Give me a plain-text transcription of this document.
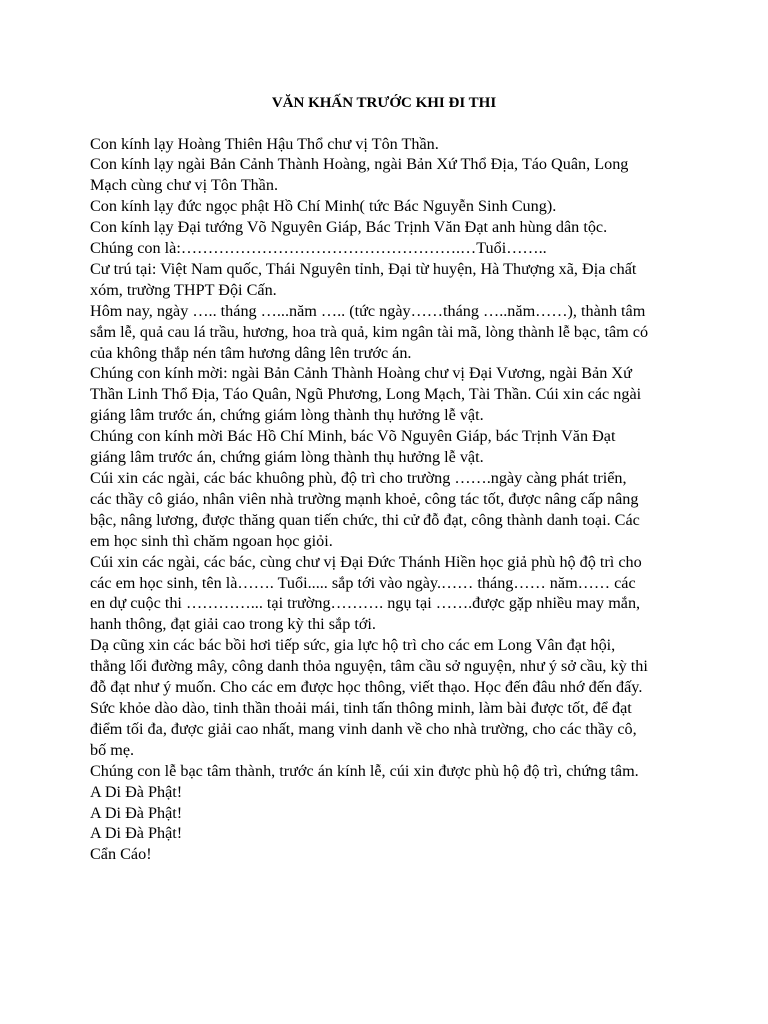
VĂN KHẤN TRƯỚC KHI ĐI THI

Con kính lạy Hoàng Thiên Hậu Thổ chư vị Tôn Thần.

Con kính lạy ngài Bản Cảnh Thành Hoàng, ngài Bản Xứ Thổ Địa, Táo Quân, Long

Mạch cùng chư vị Tôn Thần.

Con kính lạy đức ngọc phật Hồ Chí Minh( tức Bác Nguyễn Sinh Cung).

Con kính lạy Đại tướng Võ Nguyên Giáp, Bác Trịnh Văn Đạt anh hùng dân tộc.

Chúng con là:…………………………………………….…Tuổi……..

Cư trú tại: Việt Nam quốc, Thái Nguyên tỉnh, Đại từ huyện, Hà Thượng xã, Địa chất

xóm, trường THPT Đội Cấn.

Hôm nay, ngày ….. tháng …...năm ….. (tức ngày……tháng …..năm……), thành tâm

sắm lễ, quả cau lá trầu, hương, hoa trà quả, kim ngân tài mã, lòng thành lễ bạc, tâm có

của không thắp nén tâm hương dâng lên trước án.

Chúng con kính mời: ngài Bản Cảnh Thành Hoàng chư vị Đại Vương, ngài Bản Xứ

Thần Linh Thổ Địa, Táo Quân, Ngũ Phương, Long Mạch, Tài Thần. Cúi xin các ngài

giáng lâm trước án, chứng giám lòng thành thụ hưởng lễ vật.

Chúng con kính mời Bác Hồ Chí Minh, bác Võ Nguyên Giáp, bác Trịnh Văn Đạt

giáng lâm trước án, chứng giám lòng thành thụ hưởng lễ vật.

Cúi xin các ngài, các bác khuông phù, độ trì cho trường …….ngày càng phát triển,

các thầy cô giáo, nhân viên nhà trường mạnh khoẻ, công tác tốt, được nâng cấp nâng

bậc, nâng lương, được thăng quan tiến chức, thi cử đỗ đạt, công thành danh toại. Các

em học sinh thì chăm ngoan học giỏi.

Cúi xin các ngài, các bác, cùng chư vị Đại Đức Thánh Hiền học giả phù hộ độ trì cho

các em học sinh, tên là……. Tuổi..... sắp tới vào ngày.…… tháng…… năm…… các

en dự cuộc thi …………... tại trường………. ngụ tại …….được gặp nhiều may mắn,

hanh thông, đạt giải cao trong kỳ thi sắp tới.

Dạ cũng xin các bác bồi hơi tiếp sức, gia lực hộ trì cho các em Long Vân đạt hội,

thẳng lối đường mây, công danh thỏa nguyện, tâm cầu sở nguyện, như ý sở cầu, kỳ thi

đỗ đạt như ý muốn. Cho các em được học thông, viết thạo. Học đến đâu nhớ đến đấy.

Sức khỏe dào dào, tinh thần thoải mái, tinh tấn thông minh, làm bài được tốt, để đạt

điểm tối đa, được giải cao nhất, mang vinh danh về cho nhà trường, cho các thầy cô,

bố mẹ.

Chúng con lễ bạc tâm thành, trước án kính lễ, cúi xin được phù hộ độ trì, chứng tâm.

A Di Đà Phật!

A Di Đà Phật!

A Di Đà Phật!

Cẩn Cáo!
